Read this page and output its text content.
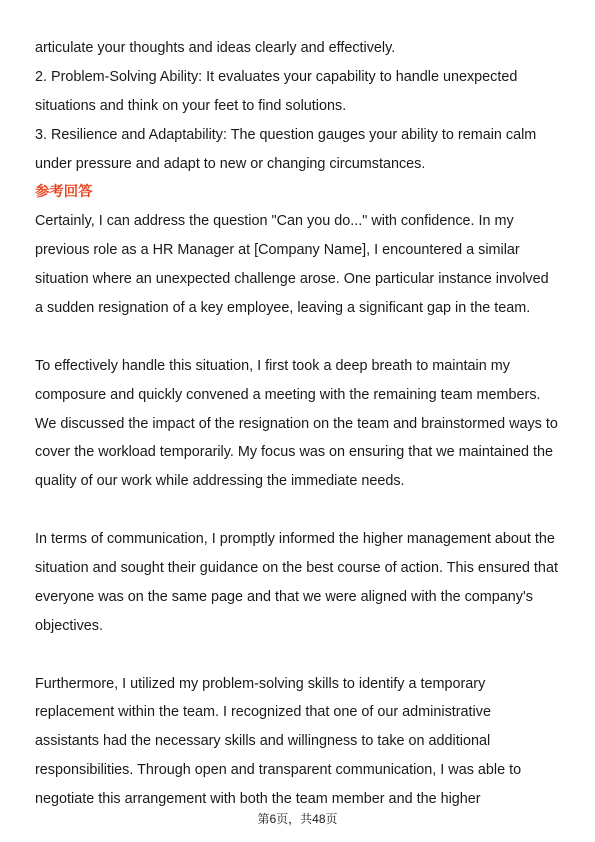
articulate your thoughts and ideas clearly and effectively.
2. Problem-Solving Ability: It evaluates your capability to handle unexpected
situations and think on your feet to find solutions.
3. Resilience and Adaptability: The question gauges your ability to remain calm
under pressure and adapt to new or changing circumstances.
参考回答
Certainly, I can address the question "Can you do..." with confidence. In my
previous role as a HR Manager at [Company Name], I encountered a similar
situation where an unexpected challenge arose. One particular instance involved
a sudden resignation of a key employee, leaving a significant gap in the team.
To effectively handle this situation, I first took a deep breath to maintain my
composure and quickly convened a meeting with the remaining team members.
We discussed the impact of the resignation on the team and brainstormed ways to
cover the workload temporarily. My focus was on ensuring that we maintained the
quality of our work while addressing the immediate needs.
In terms of communication, I promptly informed the higher management about the
situation and sought their guidance on the best course of action. This ensured that
everyone was on the same page and that we were aligned with the company's
objectives.
Furthermore, I utilized my problem-solving skills to identify a temporary
replacement within the team. I recognized that one of our administrative
assistants had the necessary skills and willingness to take on additional
responsibilities. Through open and transparent communication, I was able to
negotiate this arrangement with both the team member and the higher
第6页，共48页
